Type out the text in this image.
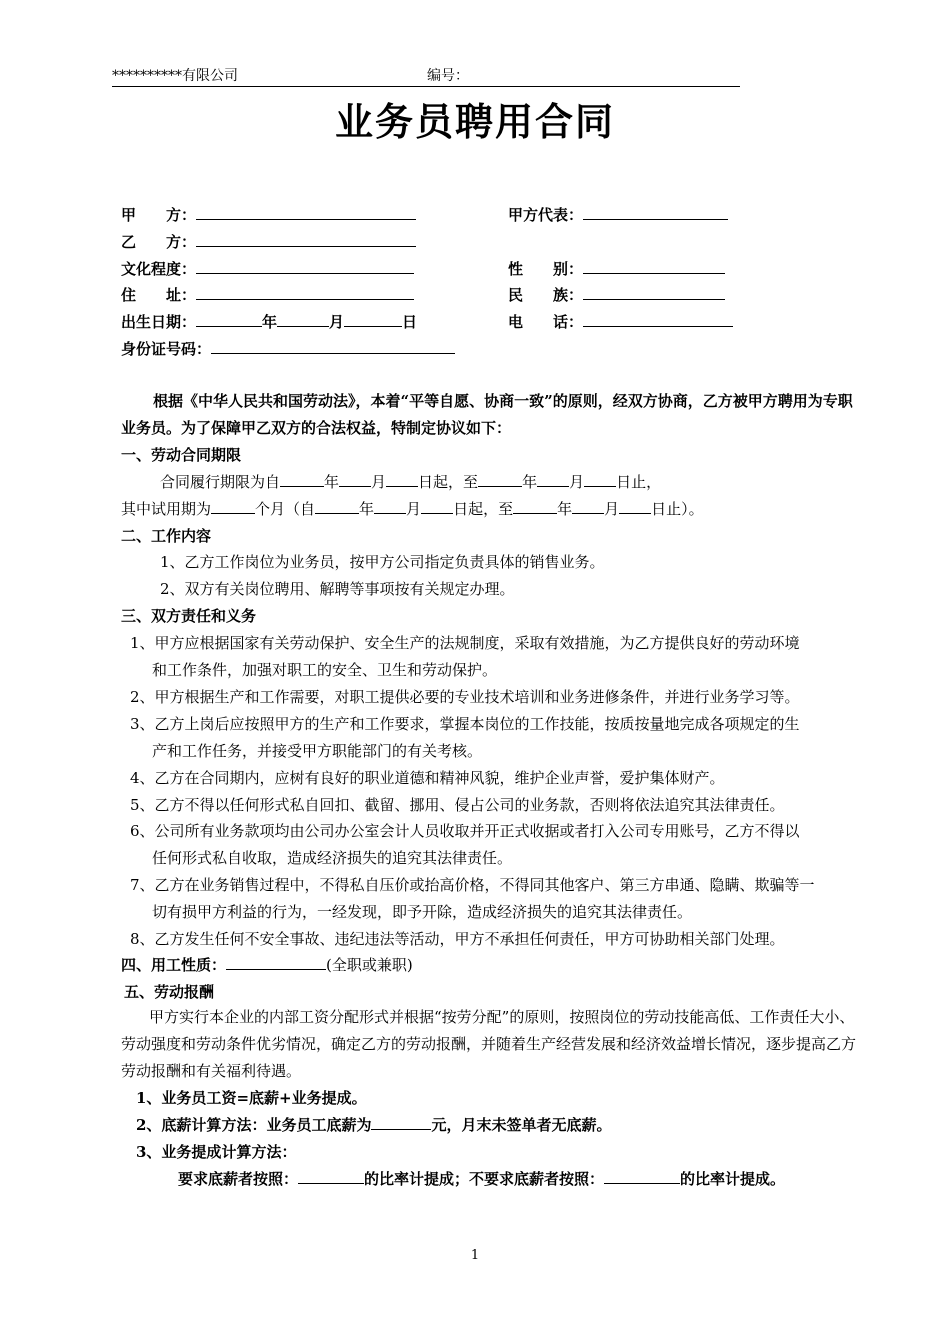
**********有限公司	编号：
业务员聘用合同
甲　　方：	甲方代表：
乙　　方：
文化程度：	性　　别：
住　　址：	民　　族：
出生日期：	年	月	日	电　　话：
身份证号码：
根据《中华人民共和国劳动法》，本着“平等自愿、协商一致”的原则，经双方协商，乙方被甲方聘用为专职业务员。为了保障甲乙双方的合法权益，特制定协议如下：
一、劳动合同期限
合同履行期限为自	年 月 日起，至	年 月 日止，
其中试用期为	个月（自	年 月 日起，至	年 月 日止）。
二、工作内容
1、乙方工作岗位为业务员，按甲方公司指定负责具体的销售业务。
2、双方有关岗位聘用、解聘等事项按有关规定办理。
三、双方责任和义务
1、甲方应根据国家有关劳动保护、安全生产的法规制度，采取有效措施，为乙方提供良好的劳动环境
和工作条件，加强对职工的安全、卫生和劳动保护。
2、甲方根据生产和工作需要，对职工提供必要的专业技术培训和业务进修条件，并进行业务学习等。
3、乙方上岗后应按照甲方的生产和工作要求，掌握本岗位的工作技能，按质按量地完成各项规定的生
产和工作任务，并接受甲方职能部门的有关考核。
4、乙方在合同期内，应树有良好的职业道德和精神风貌，维护企业声誉，爱护集体财产。
5、乙方不得以任何形式私自回扣、截留、挪用、侵占公司的业务款，否则将依法追究其法律责任。
6、公司所有业务款项均由公司办公室会计人员收取并开正式收据或者打入公司专用账号，乙方不得以
任何形式私自收取，造成经济损失的追究其法律责任。
7、乙方在业务销售过程中，不得私自压价或抬高价格，不得同其他客户、第三方串通、隐瞒、欺骗等一
切有损甲方利益的行为，一经发现，即予开除，造成经济损失的追究其法律责任。
8、乙方发生任何不安全事故、违纪违法等活动，甲方不承担任何责任，甲方可协助相关部门处理。
四、用工性质：	(全职或兼职)
五、劳动报酬
甲方实行本企业的内部工资分配形式并根据“按劳分配”的原则，按照岗位的劳动技能高低、工作责任大小、劳动强度和劳动条件优劣情况，确定乙方的劳动报酬，并随着生产经营发展和经济效益增长情况，逐步提高乙方劳动报酬和有关福利待遇。
1、业务员工资=底薪+业务提成。
2、底薪计算方法：业务员工底薪为	元，月末未签单者无底薪。
3、业务提成计算方法：
要求底薪者按照：	的比率计提成；不要求底薪者按照：	的比率计提成。
1
